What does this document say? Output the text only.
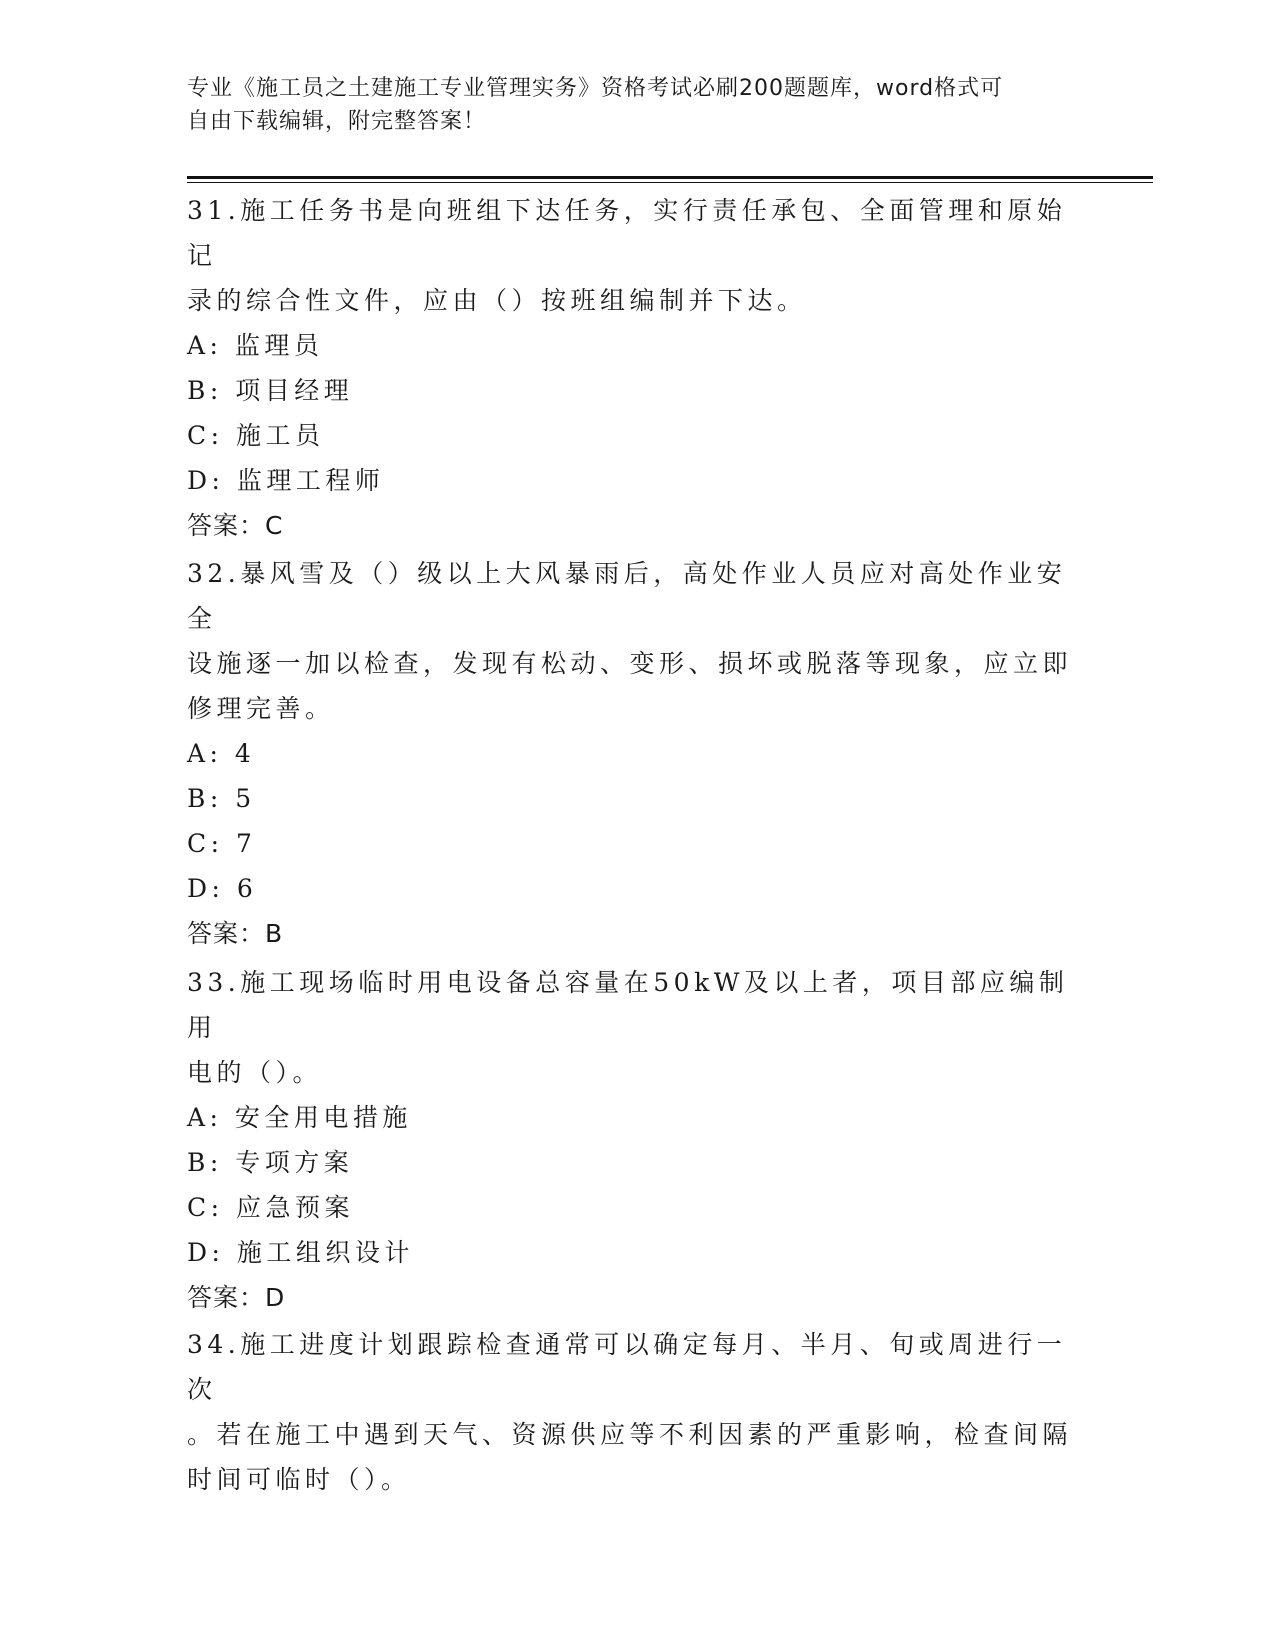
专业《施工员之土建施工专业管理实务》资格考试必刷200题题库，word格式可
自由下载编辑，附完整答案！
31.施工任务书是向班组下达任务，实行责任承包、全面管理和原始记
录的综合性文件，应由（）按班组编制并下达。
A: 监理员
B: 项目经理
C: 施工员
D: 监理工程师
答案：C
32.暴风雪及（）级以上大风暴雨后，高处作业人员应对高处作业安全
设施逐一加以检查，发现有松动、变形、损坏或脱落等现象，应立即
修理完善。
A: 4
B: 5
C: 7
D: 6
答案：B
33.施工现场临时用电设备总容量在50kW及以上者，项目部应编制用
电的（）。
A: 安全用电措施
B: 专项方案
C: 应急预案
D: 施工组织设计
答案：D
34.施工进度计划跟踪检查通常可以确定每月、半月、旬或周进行一次
。若在施工中遇到天气、资源供应等不利因素的严重影响，检查间隔
时间可临时（）。
